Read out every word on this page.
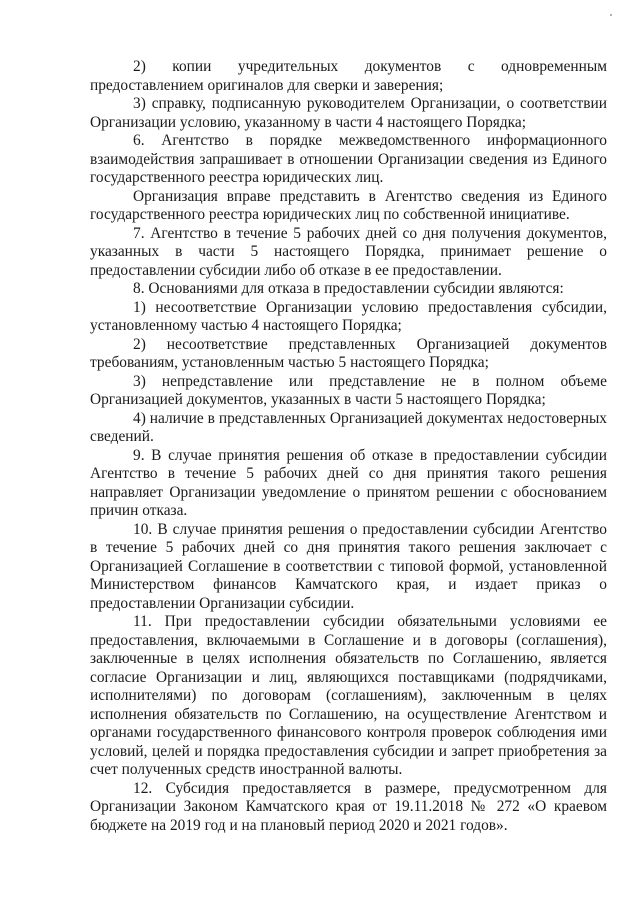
2) копии учредительных документов с одновременным предоставлением оригиналов для сверки и заверения;

3) справку, подписанную руководителем Организации, о соответствии Организации условию, указанному в части 4 настоящего Порядка;

6. Агентство в порядке межведомственного информационного взаимодействия запрашивает в отношении Организации сведения из Единого государственного реестра юридических лиц.

Организация вправе представить в Агентство сведения из Единого государственного реестра юридических лиц по собственной инициативе.

7. Агентство в течение 5 рабочих дней со дня получения документов, указанных в части 5 настоящего Порядка, принимает решение о предоставлении субсидии либо об отказе в ее предоставлении.

8. Основаниями для отказа в предоставлении субсидии являются:

1) несоответствие Организации условию предоставления субсидии, установленному частью 4 настоящего Порядка;

2) несоответствие представленных Организацией документов требованиям, установленным частью 5 настоящего Порядка;

3) непредставление или представление не в полном объеме Организацией документов, указанных в части 5 настоящего Порядка;

4) наличие в представленных Организацией документах недостоверных сведений.

9. В случае принятия решения об отказе в предоставлении субсидии Агентство в течение 5 рабочих дней со дня принятия такого решения направляет Организации уведомление о принятом решении с обоснованием причин отказа.

10. В случае принятия решения о предоставлении субсидии Агентство в течение 5 рабочих дней со дня принятия такого решения заключает с Организацией Соглашение в соответствии с типовой формой, установленной Министерством финансов Камчатского края, и издает приказ о предоставлении Организации субсидии.

11. При предоставлении субсидии обязательными условиями ее предоставления, включаемыми в Соглашение и в договоры (соглашения), заключенные в целях исполнения обязательств по Соглашению, является согласие Организации и лиц, являющихся поставщиками (подрядчиками, исполнителями) по договорам (соглашениям), заключенным в целях исполнения обязательств по Соглашению, на осуществление Агентством и органами государственного финансового контроля проверок соблюдения ими условий, целей и порядка предоставления субсидии и запрет приобретения за счет полученных средств иностранной валюты.

12. Субсидия предоставляется в размере, предусмотренном для Организации Законом Камчатского края от 19.11.2018 № 272 «О краевом бюджете на 2019 год и на плановый период 2020 и 2021 годов».
